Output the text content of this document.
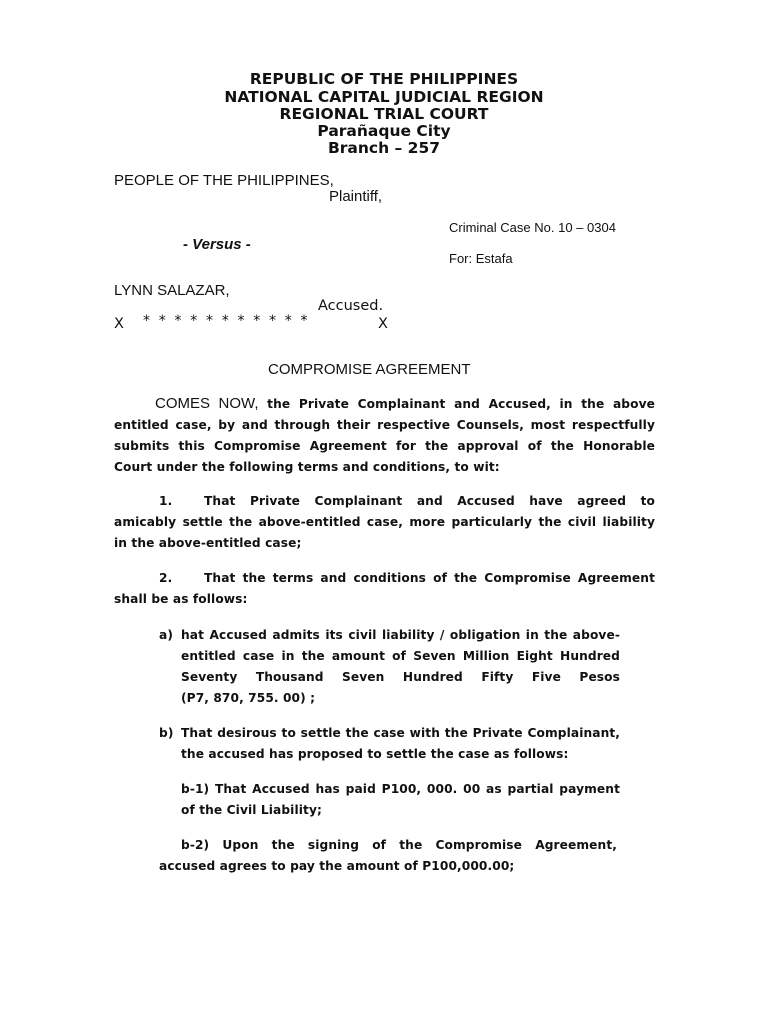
REPUBLIC OF THE PHILIPPINES
NATIONAL CAPITAL JUDICIAL REGION
REGIONAL TRIAL COURT
Parañaque City
Branch – 257
PEOPLE OF THE PHILIPPINES,
Plaintiff,
Criminal Case No. 10 – 0304
- Versus -
For: Estafa
LYNN SALAZAR,
Accused.
X * * * * * * * * * * *	X
COMPROMISE AGREEMENT
COMES NOW, the Private Complainant and Accused, in the above
entitled case, by and through their respective Counsels, most respectfully
submits this Compromise Agreement for the approval of the Honorable
Court under the following terms and conditions, to wit:
1.	That Private Complainant and Accused have agreed to
amicably settle the above-entitled case, more particularly the civil liability
in the above-entitled case;
2.	That the terms and conditions of the Compromise Agreement
shall be as follows:
a) hat Accused admits its civil liability / obligation in the above-
entitled case in the amount of Seven Million Eight Hundred
Seventy Thousand Seven Hundred Fifty Five Pesos
(P7, 870, 755. 00) ;
b) That desirous to settle the case with the Private Complainant,
the accused has proposed to settle the case as follows:
b-1) That Accused has paid P100, 000. 00 as partial payment
of the Civil Liability;
b-2) Upon the signing of the Compromise Agreement,
accused agrees to pay the amount of P100,000.00;
